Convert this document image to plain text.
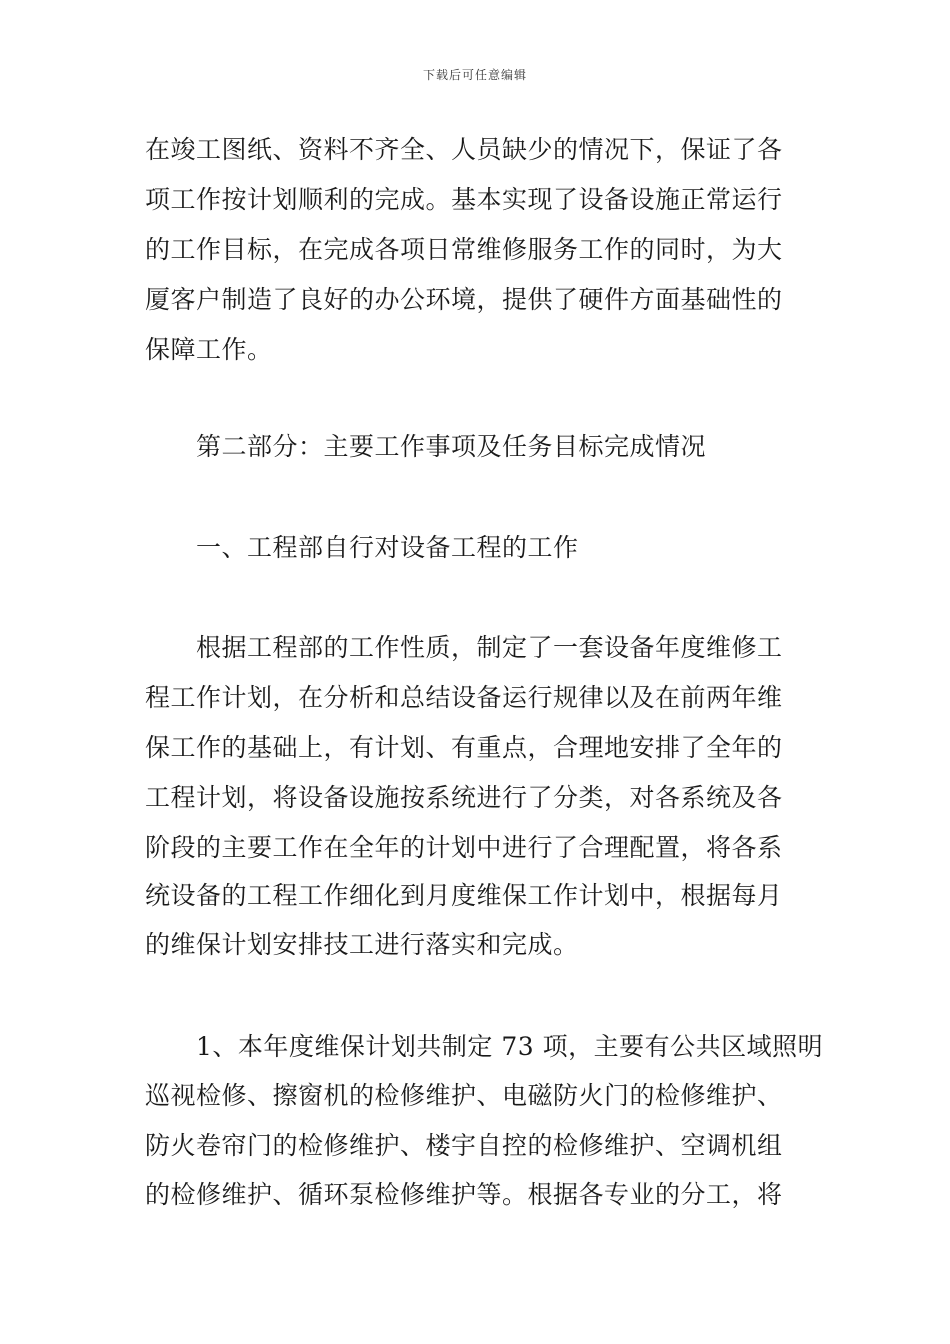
下载后可任意编辑
在竣工图纸、资料不齐全、人员缺少的情况下，保证了各
项工作按计划顺利的完成。基本实现了设备设施正常运行
的工作目标，在完成各项日常维修服务工作的同时，为大
厦客户制造了良好的办公环境，提供了硬件方面基础性的
保障工作。
第二部分：主要工作事项及任务目标完成情况
一、工程部自行对设备工程的工作
根据工程部的工作性质，制定了一套设备年度维修工
程工作计划，在分析和总结设备运行规律以及在前两年维
保工作的基础上，有计划、有重点，合理地安排了全年的
工程计划，将设备设施按系统进行了分类，对各系统及各
阶段的主要工作在全年的计划中进行了合理配置，将各系
统设备的工程工作细化到月度维保工作计划中，根据每月
的维保计划安排技工进行落实和完成。
1、本年度维保计划共制定 73 项，主要有公共区域照明
巡视检修、擦窗机的检修维护、电磁防火门的检修维护、
防火卷帘门的检修维护、楼宇自控的检修维护、空调机组
的检修维护、循环泵检修维护等。根据各专业的分工，将
